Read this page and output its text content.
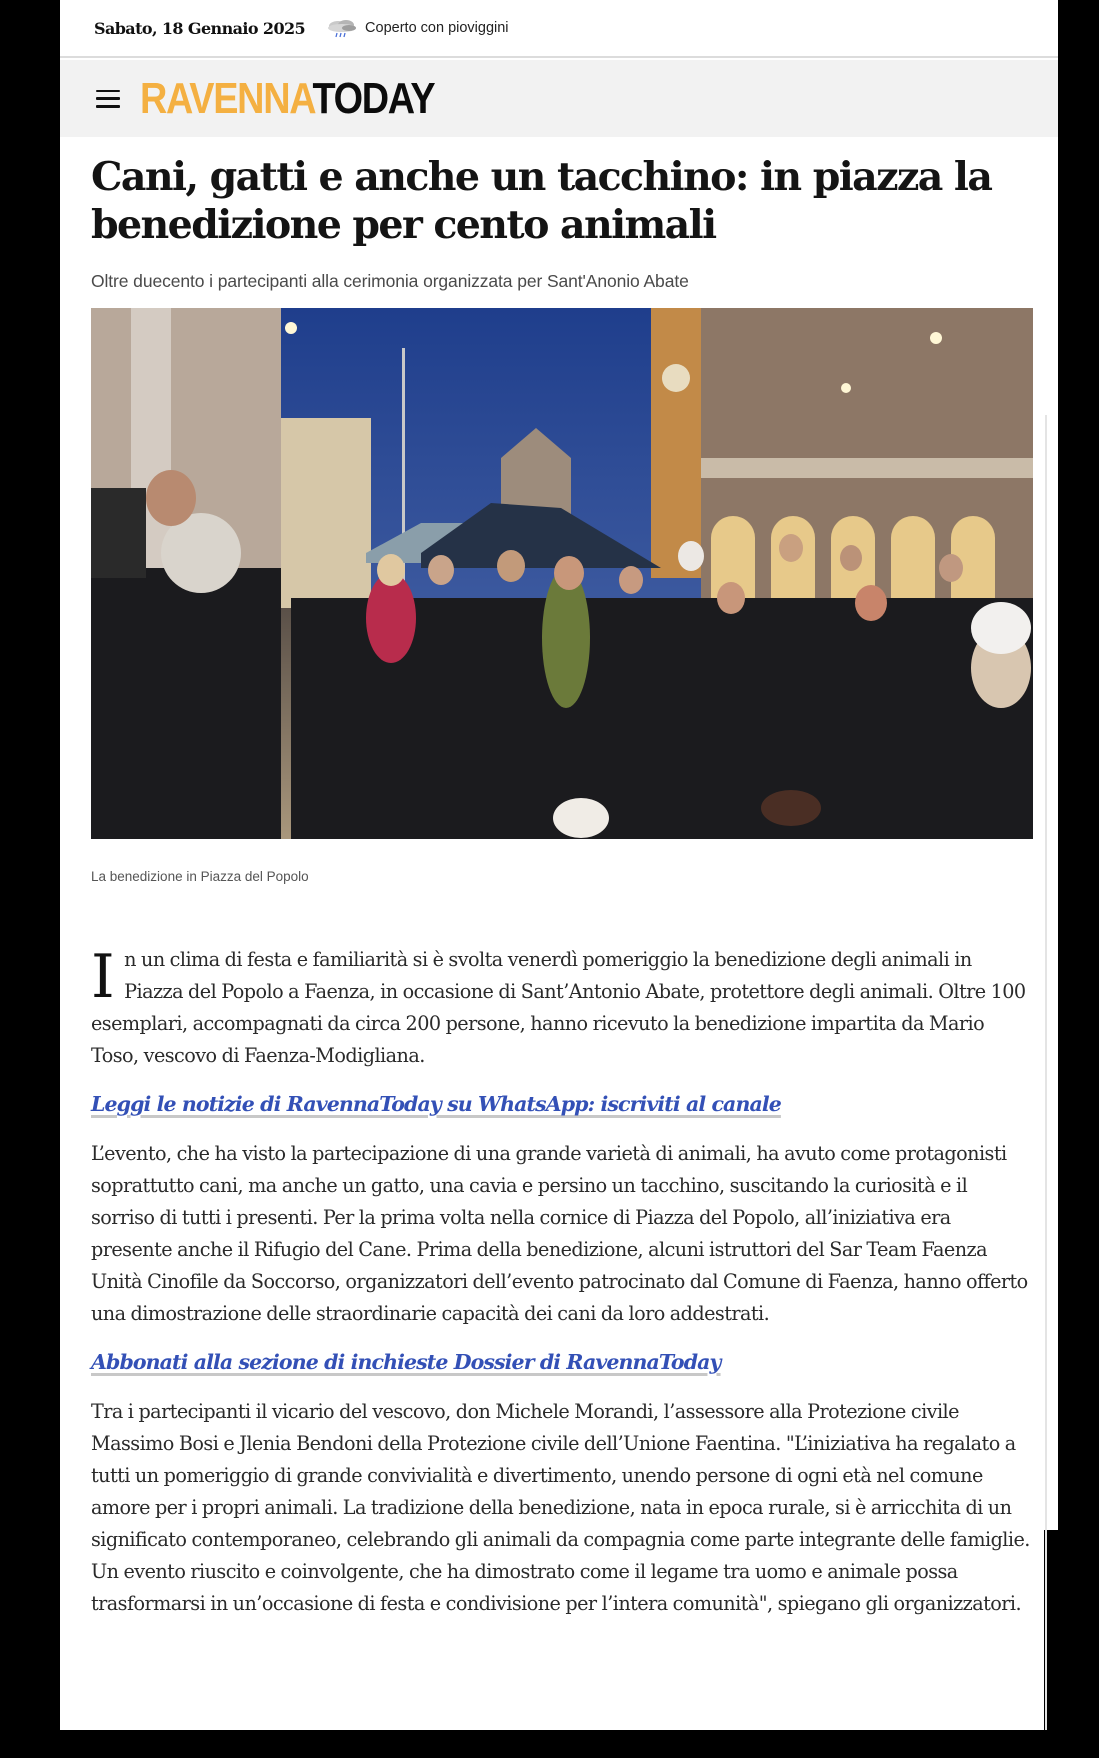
Sabato, 18 Gennaio 2025	Coperto con pioviggini
RAVENNATODAY
Cani, gatti e anche un tacchino: in piazza la benedizione per cento animali

Oltre duecento i partecipanti alla cerimonia organizzata per Sant'Anonio Abate

La benedizione in Piazza del Popolo

In un clima di festa e familiarità si è svolta venerdì pomeriggio la benedizione degli animali in Piazza del Popolo a Faenza, in occasione di Sant’Antonio Abate, protettore degli animali. Oltre 100 esemplari, accompagnati da circa 200 persone, hanno ricevuto la benedizione impartita da Mario Toso, vescovo di Faenza-Modigliana.

Leggi le notizie di RavennaToday su WhatsApp: iscriviti al canale

L’evento, che ha visto la partecipazione di una grande varietà di animali, ha avuto come protagonisti soprattutto cani, ma anche un gatto, una cavia e persino un tacchino, suscitando la curiosità e il sorriso di tutti i presenti. Per la prima volta nella cornice di Piazza del Popolo, all’iniziativa era presente anche il Rifugio del Cane. Prima della benedizione, alcuni istruttori del Sar Team Faenza Unità Cinofile da Soccorso, organizzatori dell’evento patrocinato dal Comune di Faenza, hanno offerto una dimostrazione delle straordinarie capacità dei cani da loro addestrati.

Abbonati alla sezione di inchieste Dossier di RavennaToday

Tra i partecipanti il vicario del vescovo, don Michele Morandi, l’assessore alla Protezione civile Massimo Bosi e Jlenia Bendoni della Protezione civile dell’Unione Faentina. "L’iniziativa ha regalato a tutti un pomeriggio di grande convivialità e divertimento, unendo persone di ogni età nel comune amore per i propri animali. La tradizione della benedizione, nata in epoca rurale, si è arricchita di un significato contemporaneo, celebrando gli animali da compagnia come parte integrante delle famiglie. Un evento riuscito e coinvolgente, che ha dimostrato come il legame tra uomo e animale possa trasformarsi in un’occasione di festa e condivisione per l’intera comunità", spiegano gli organizzatori.
